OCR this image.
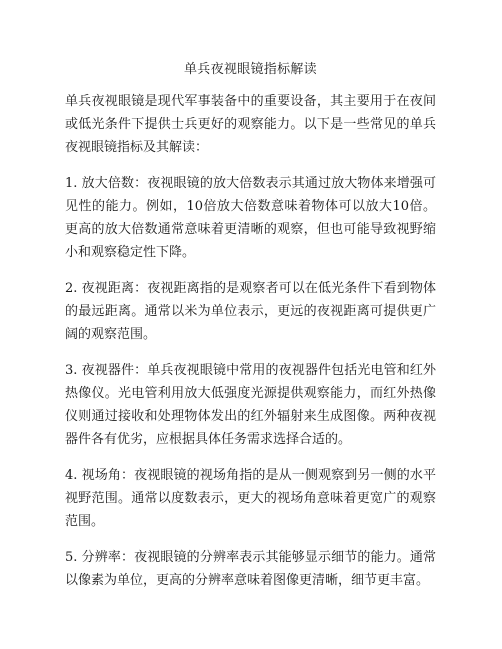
单兵夜视眼镜指标解读

单兵夜视眼镜是现代军事装备中的重要设备，其主要用于在夜间或低光条件下提供士兵更好的观察能力。以下是一些常见的单兵夜视眼镜指标及其解读：

1. 放大倍数：夜视眼镜的放大倍数表示其通过放大物体来增强可见性的能力。例如，10倍放大倍数意味着物体可以放大10倍。更高的放大倍数通常意味着更清晰的观察，但也可能导致视野缩小和观察稳定性下降。

2. 夜视距离：夜视距离指的是观察者可以在低光条件下看到物体的最远距离。通常以米为单位表示，更远的夜视距离可提供更广阔的观察范围。

3. 夜视器件：单兵夜视眼镜中常用的夜视器件包括光电管和红外热像仪。光电管利用放大低强度光源提供观察能力，而红外热像仪则通过接收和处理物体发出的红外辐射来生成图像。两种夜视器件各有优劣，应根据具体任务需求选择合适的。

4. 视场角：夜视眼镜的视场角指的是从一侧观察到另一侧的水平视野范围。通常以度数表示，更大的视场角意味着更宽广的观察范围。

5. 分辨率：夜视眼镜的分辨率表示其能够显示细节的能力。通常以像素为单位，更高的分辨率意味着图像更清晰，细节更丰富。
